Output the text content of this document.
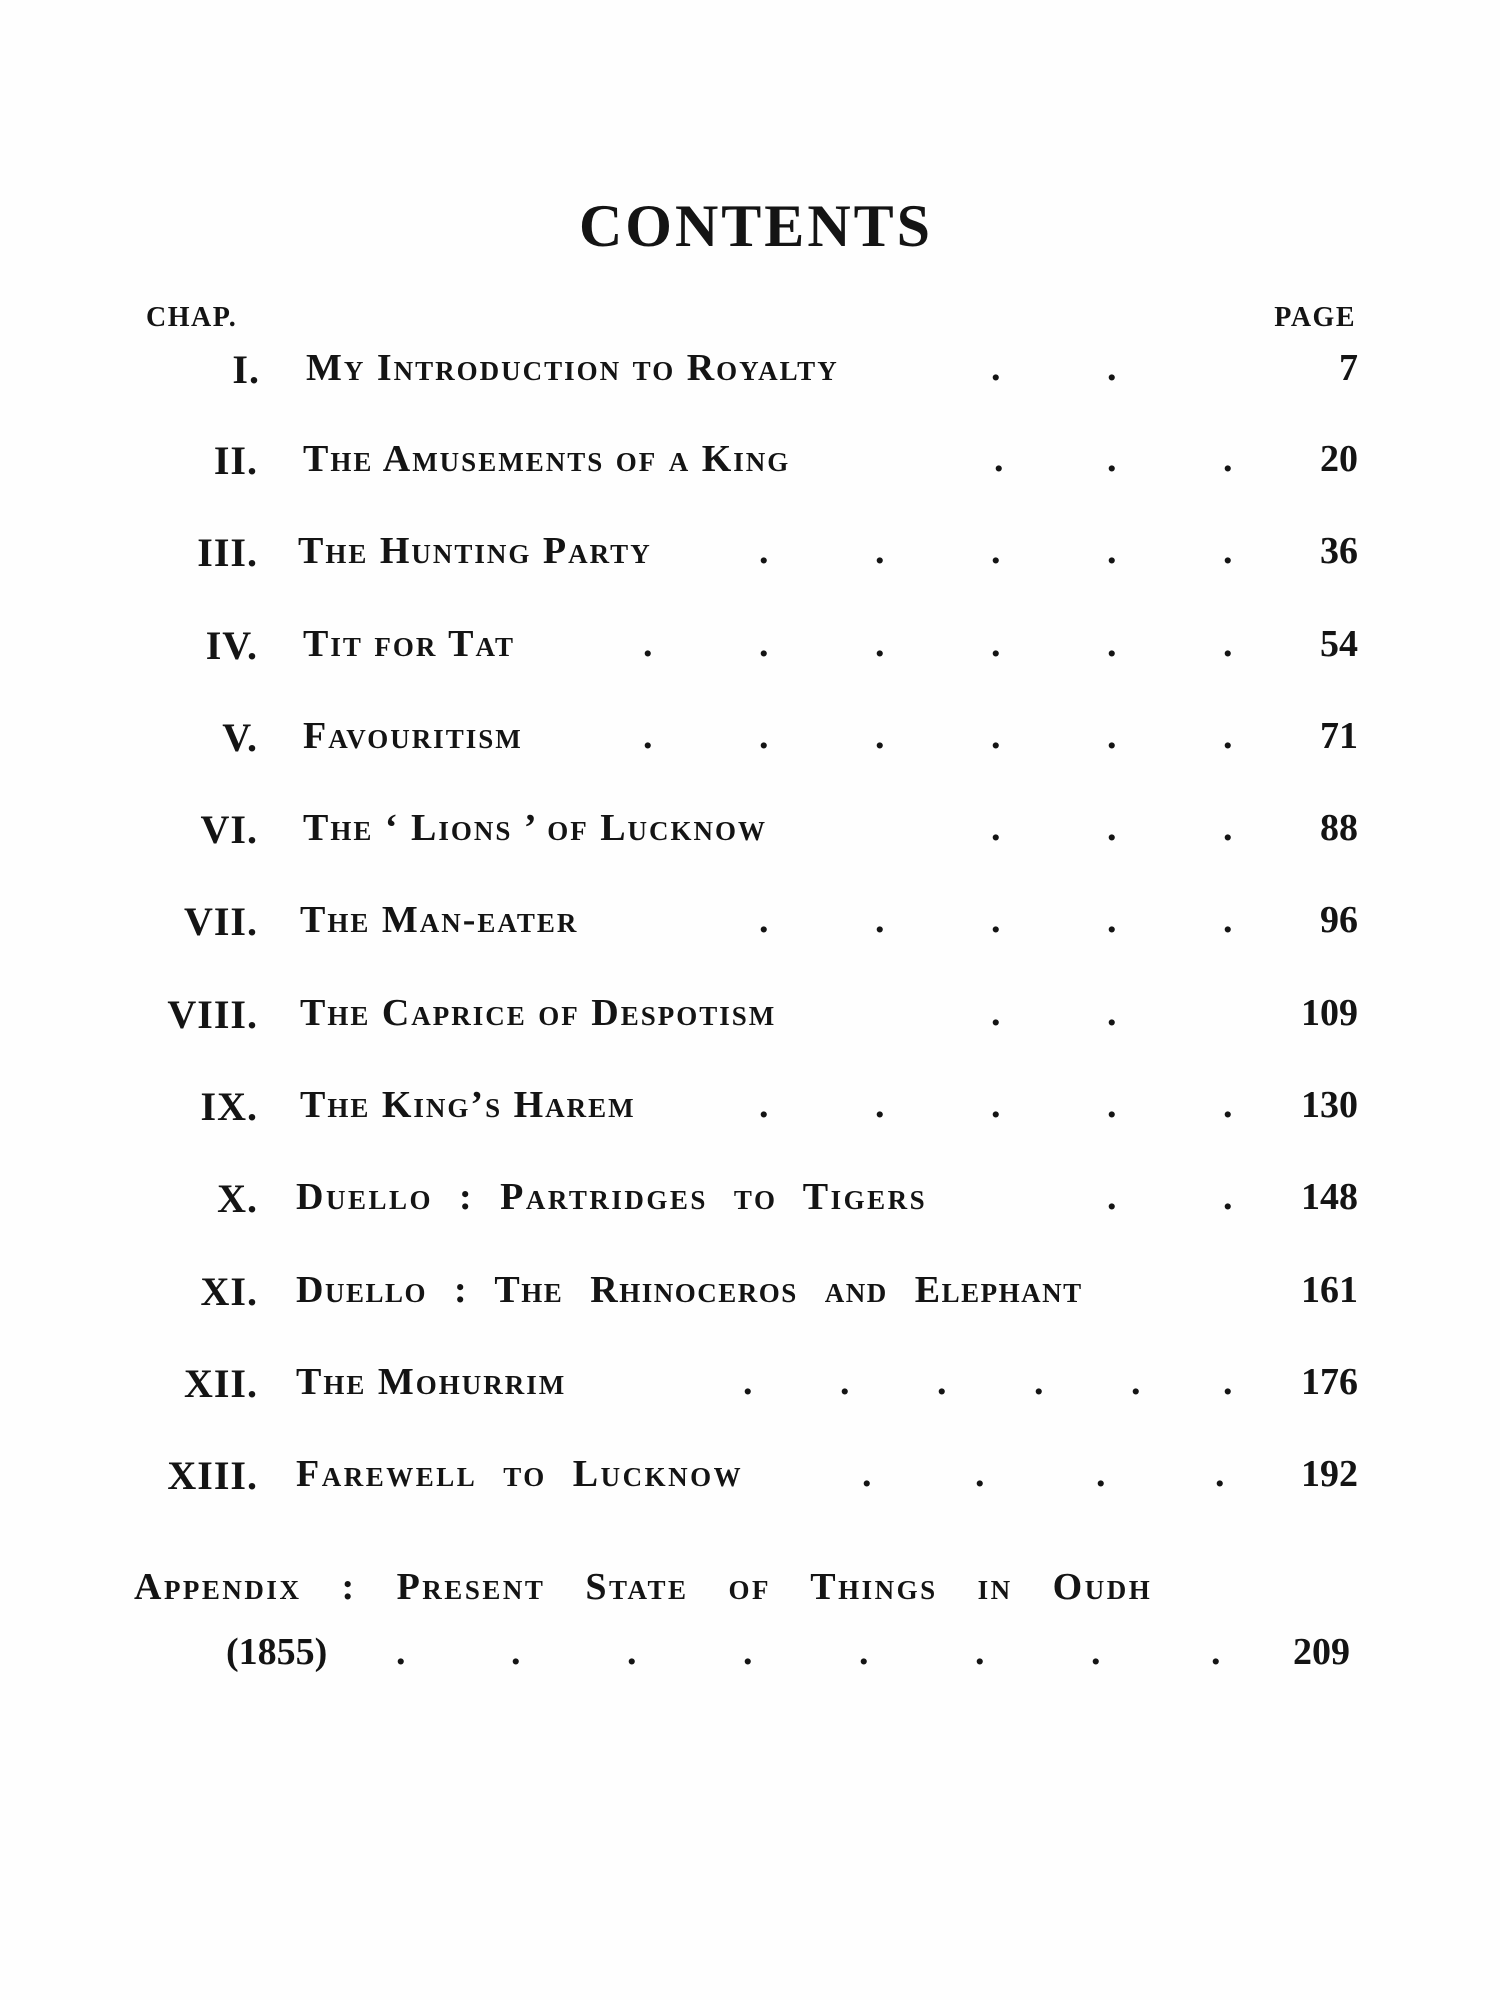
CONTENTS
CHAP.	PAGE
I. My Introduction to Royalty	.	.	7
II. The Amusements of a King	.	.	. 20
III. The Hunting Party	.	.	.	.	. 36
IV. Tit for Tat	.	.	.	.	.	. 54
V. Favouritism	.	.	.	.	.	. 71
VI. The ‘ Lions ’ of Lucknow	.	.	. 88
VII. The Man-eater	.	.	.	.	. 96
VIII. The Caprice of Despotism	.	.	109
IX. The King’s Harem	.	.	.	.	. 130
X. Duello : Partridges to Tigers	.	. 148
XI. Duello : The Rhinoceros and Elephant	161
XII. The Mohurrim	. . . . . . 176
XIII. Farewell to Lucknow	.	.	.	. 192
Appendix : Present State of Things in Oudh
(1855) .	.	.	.	.	.	.	. 209
